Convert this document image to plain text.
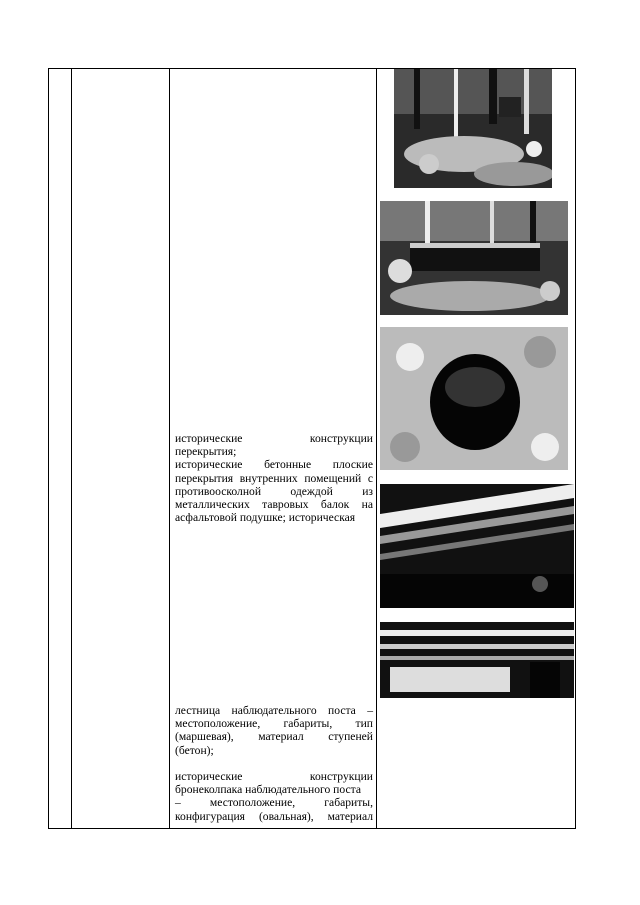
исторические конструкции

перекрытия;

исторические бетонные плоские

перекрытия внутренних помещений с

противоосколной одеждой из

металлических тавровых балок на

асфальтовой подушке; историческая

лестница наблюдательного поста –

местоположение, габариты, тип

(маршевая), материал ступеней

(бетон);

исторические конструкции

бронеколпака наблюдательного поста

– местоположение, габариты,

конфигурация (овальная), материал
